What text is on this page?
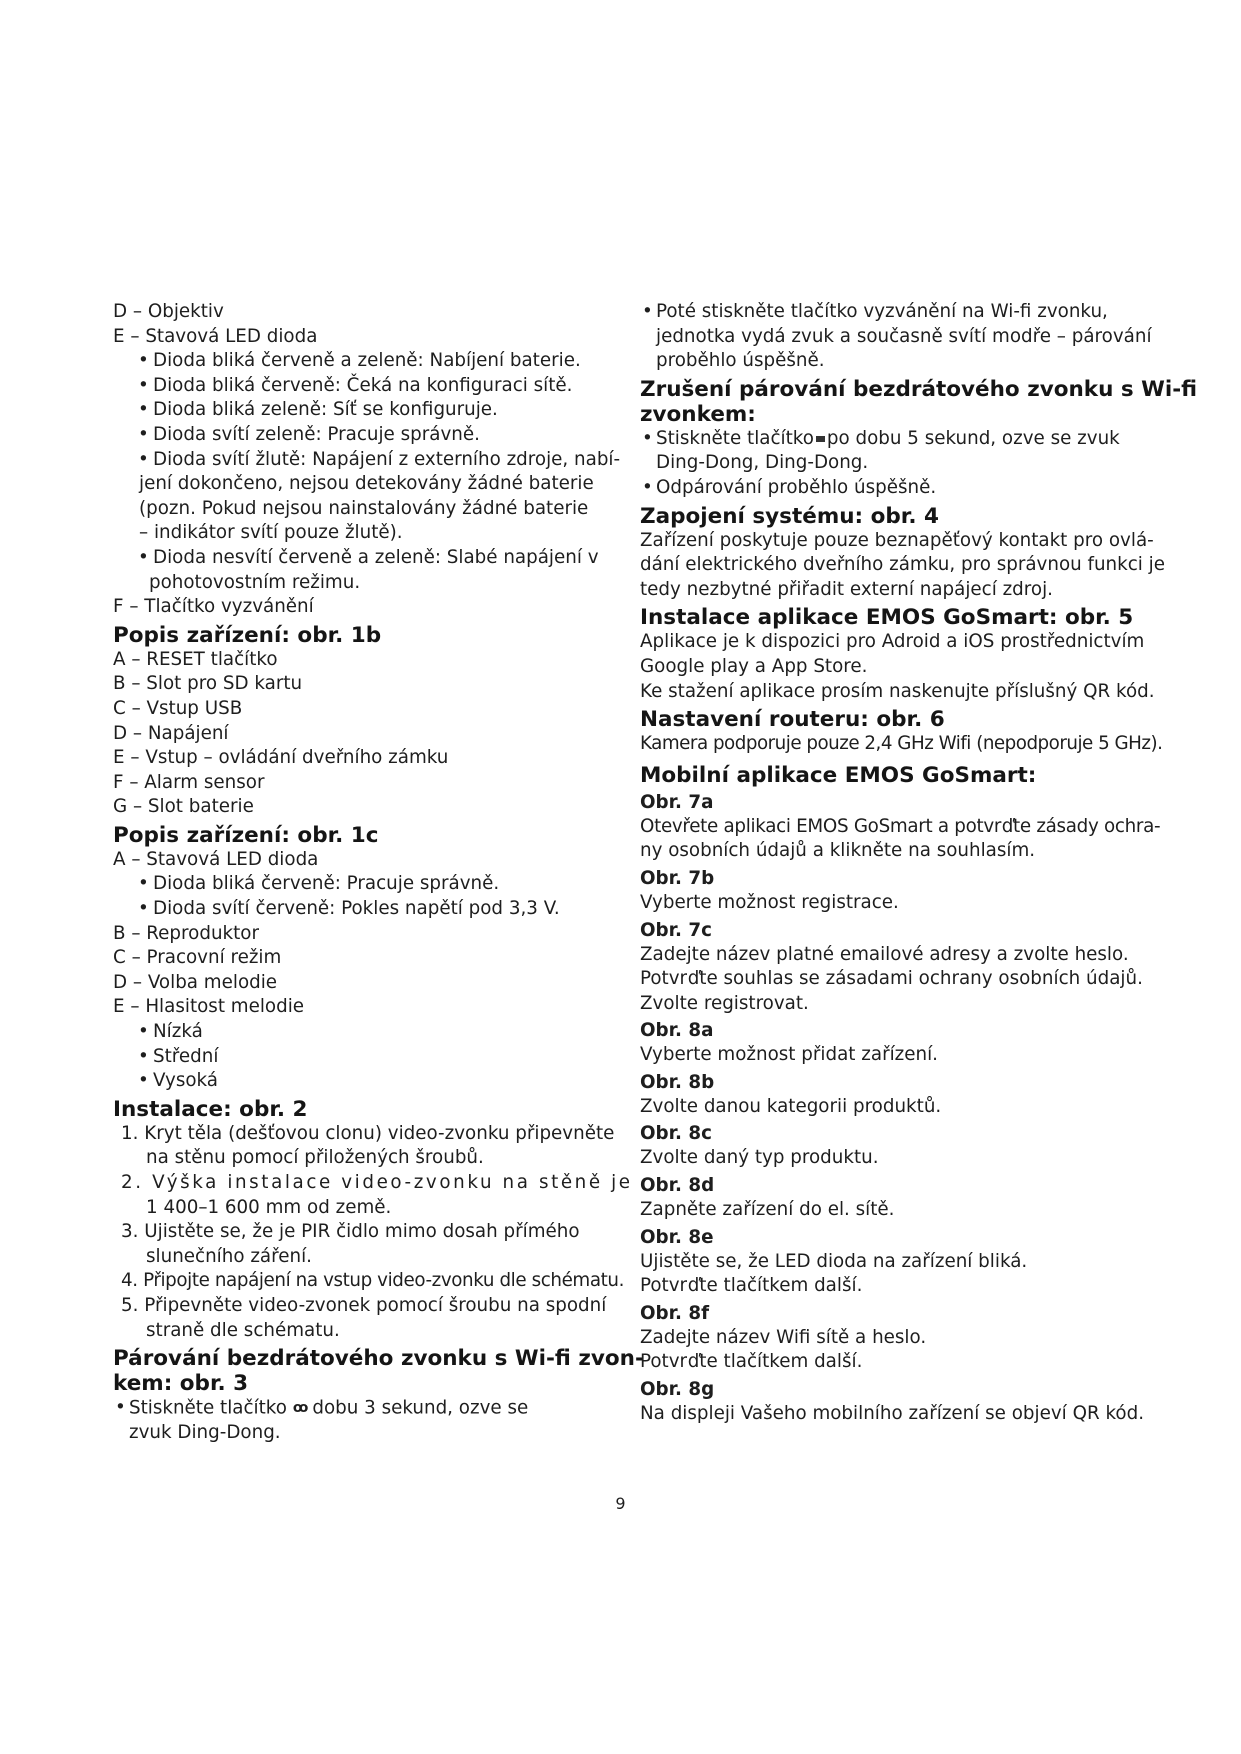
D – Objektiv
E – Stavová LED dioda
• Dioda bliká červeně a zeleně: Nabíjení baterie.
• Dioda bliká červeně: Čeká na konfiguraci sítě.
• Dioda bliká zeleně: Síť se konfiguruje.
• Dioda svítí zeleně: Pracuje správně.
• Dioda svítí žlutě: Napájení z externího zdroje, nabí-
jení dokončeno, nejsou detekovány žádné baterie
(pozn. Pokud nejsou nainstalovány žádné baterie
– indikátor svítí pouze žlutě).
• Dioda nesvítí červeně a zeleně: Slabé napájení v
pohotovostním režimu.
F – Tlačítko vyzvánění
Popis zařízení: obr. 1b
A – RESET tlačítko
B – Slot pro SD kartu
C – Vstup USB
D – Napájení
E – Vstup – ovládání dveřního zámku
F – Alarm sensor
G – Slot baterie
Popis zařízení: obr. 1c
A – Stavová LED dioda
• Dioda bliká červeně: Pracuje správně.
• Dioda svítí červeně: Pokles napětí pod 3,3 V.
B – Reproduktor
C – Pracovní režim
D – Volba melodie
E – Hlasitost melodie
• Nízká
• Střední
• Vysoká
Instalace: obr. 2
1. Kryt těla (dešťovou clonu) video-zvonku připevněte
na stěnu pomocí přiložených šroubů.
2. Výška instalace video-zvonku na stěně je
1 400–1 600 mm od země.
3. Ujistěte se, že je PIR čidlo mimo dosah přímého
slunečního záření.
4. Připojte napájení na vstup video-zvonku dle schématu.
5. Připevněte video-zvonek pomocí šroubu na spodní
straně dle schématu.
Párování bezdrátového zvonku s Wi-fi zvon-
kem: obr. 3
• Stiskněte tlačítko ꝏ dobu 3 sekund, ozve se
zvuk Ding-Dong.
• Poté stiskněte tlačítko vyzvánění na Wi-fi zvonku,
jednotka vydá zvuk a současně svítí modře – párování
proběhlo úspěšně.
Zrušení párování bezdrátového zvonku s Wi-fi
zvonkem:
• Stiskněte tlačítko po dobu 5 sekund, ozve se zvuk
Ding-Dong, Ding-Dong.
• Odpárování proběhlo úspěšně.
Zapojení systému: obr. 4
Zařízení poskytuje pouze beznapěťový kontakt pro ovlá-
dání elektrického dveřního zámku, pro správnou funkci je
tedy nezbytné přiřadit externí napájecí zdroj.
Instalace aplikace EMOS GoSmart: obr. 5
Aplikace je k dispozici pro Adroid a iOS prostřednictvím
Google play a App Store.
Ke stažení aplikace prosím naskenujte příslušný QR kód.
Nastavení routeru: obr. 6
Kamera podporuje pouze 2,4 GHz Wifi (nepodporuje 5 GHz).
Mobilní aplikace EMOS GoSmart:
Obr. 7a
Otevřete aplikaci EMOS GoSmart a potvrďte zásady ochra-
ny osobních údajů a klikněte na souhlasím.
Obr. 7b
Vyberte možnost registrace.
Obr. 7c
Zadejte název platné emailové adresy a zvolte heslo.
Potvrďte souhlas se zásadami ochrany osobních údajů.
Zvolte registrovat.
Obr. 8a
Vyberte možnost přidat zařízení.
Obr. 8b
Zvolte danou kategorii produktů.
Obr. 8c
Zvolte daný typ produktu.
Obr. 8d
Zapněte zařízení do el. sítě.
Obr. 8e
Ujistěte se, že LED dioda na zařízení bliká.
Potvrďte tlačítkem další.
Obr. 8f
Zadejte název Wifi sítě a heslo.
Potvrďte tlačítkem další.
Obr. 8g
Na displeji Vašeho mobilního zařízení se objeví QR kód.
9
